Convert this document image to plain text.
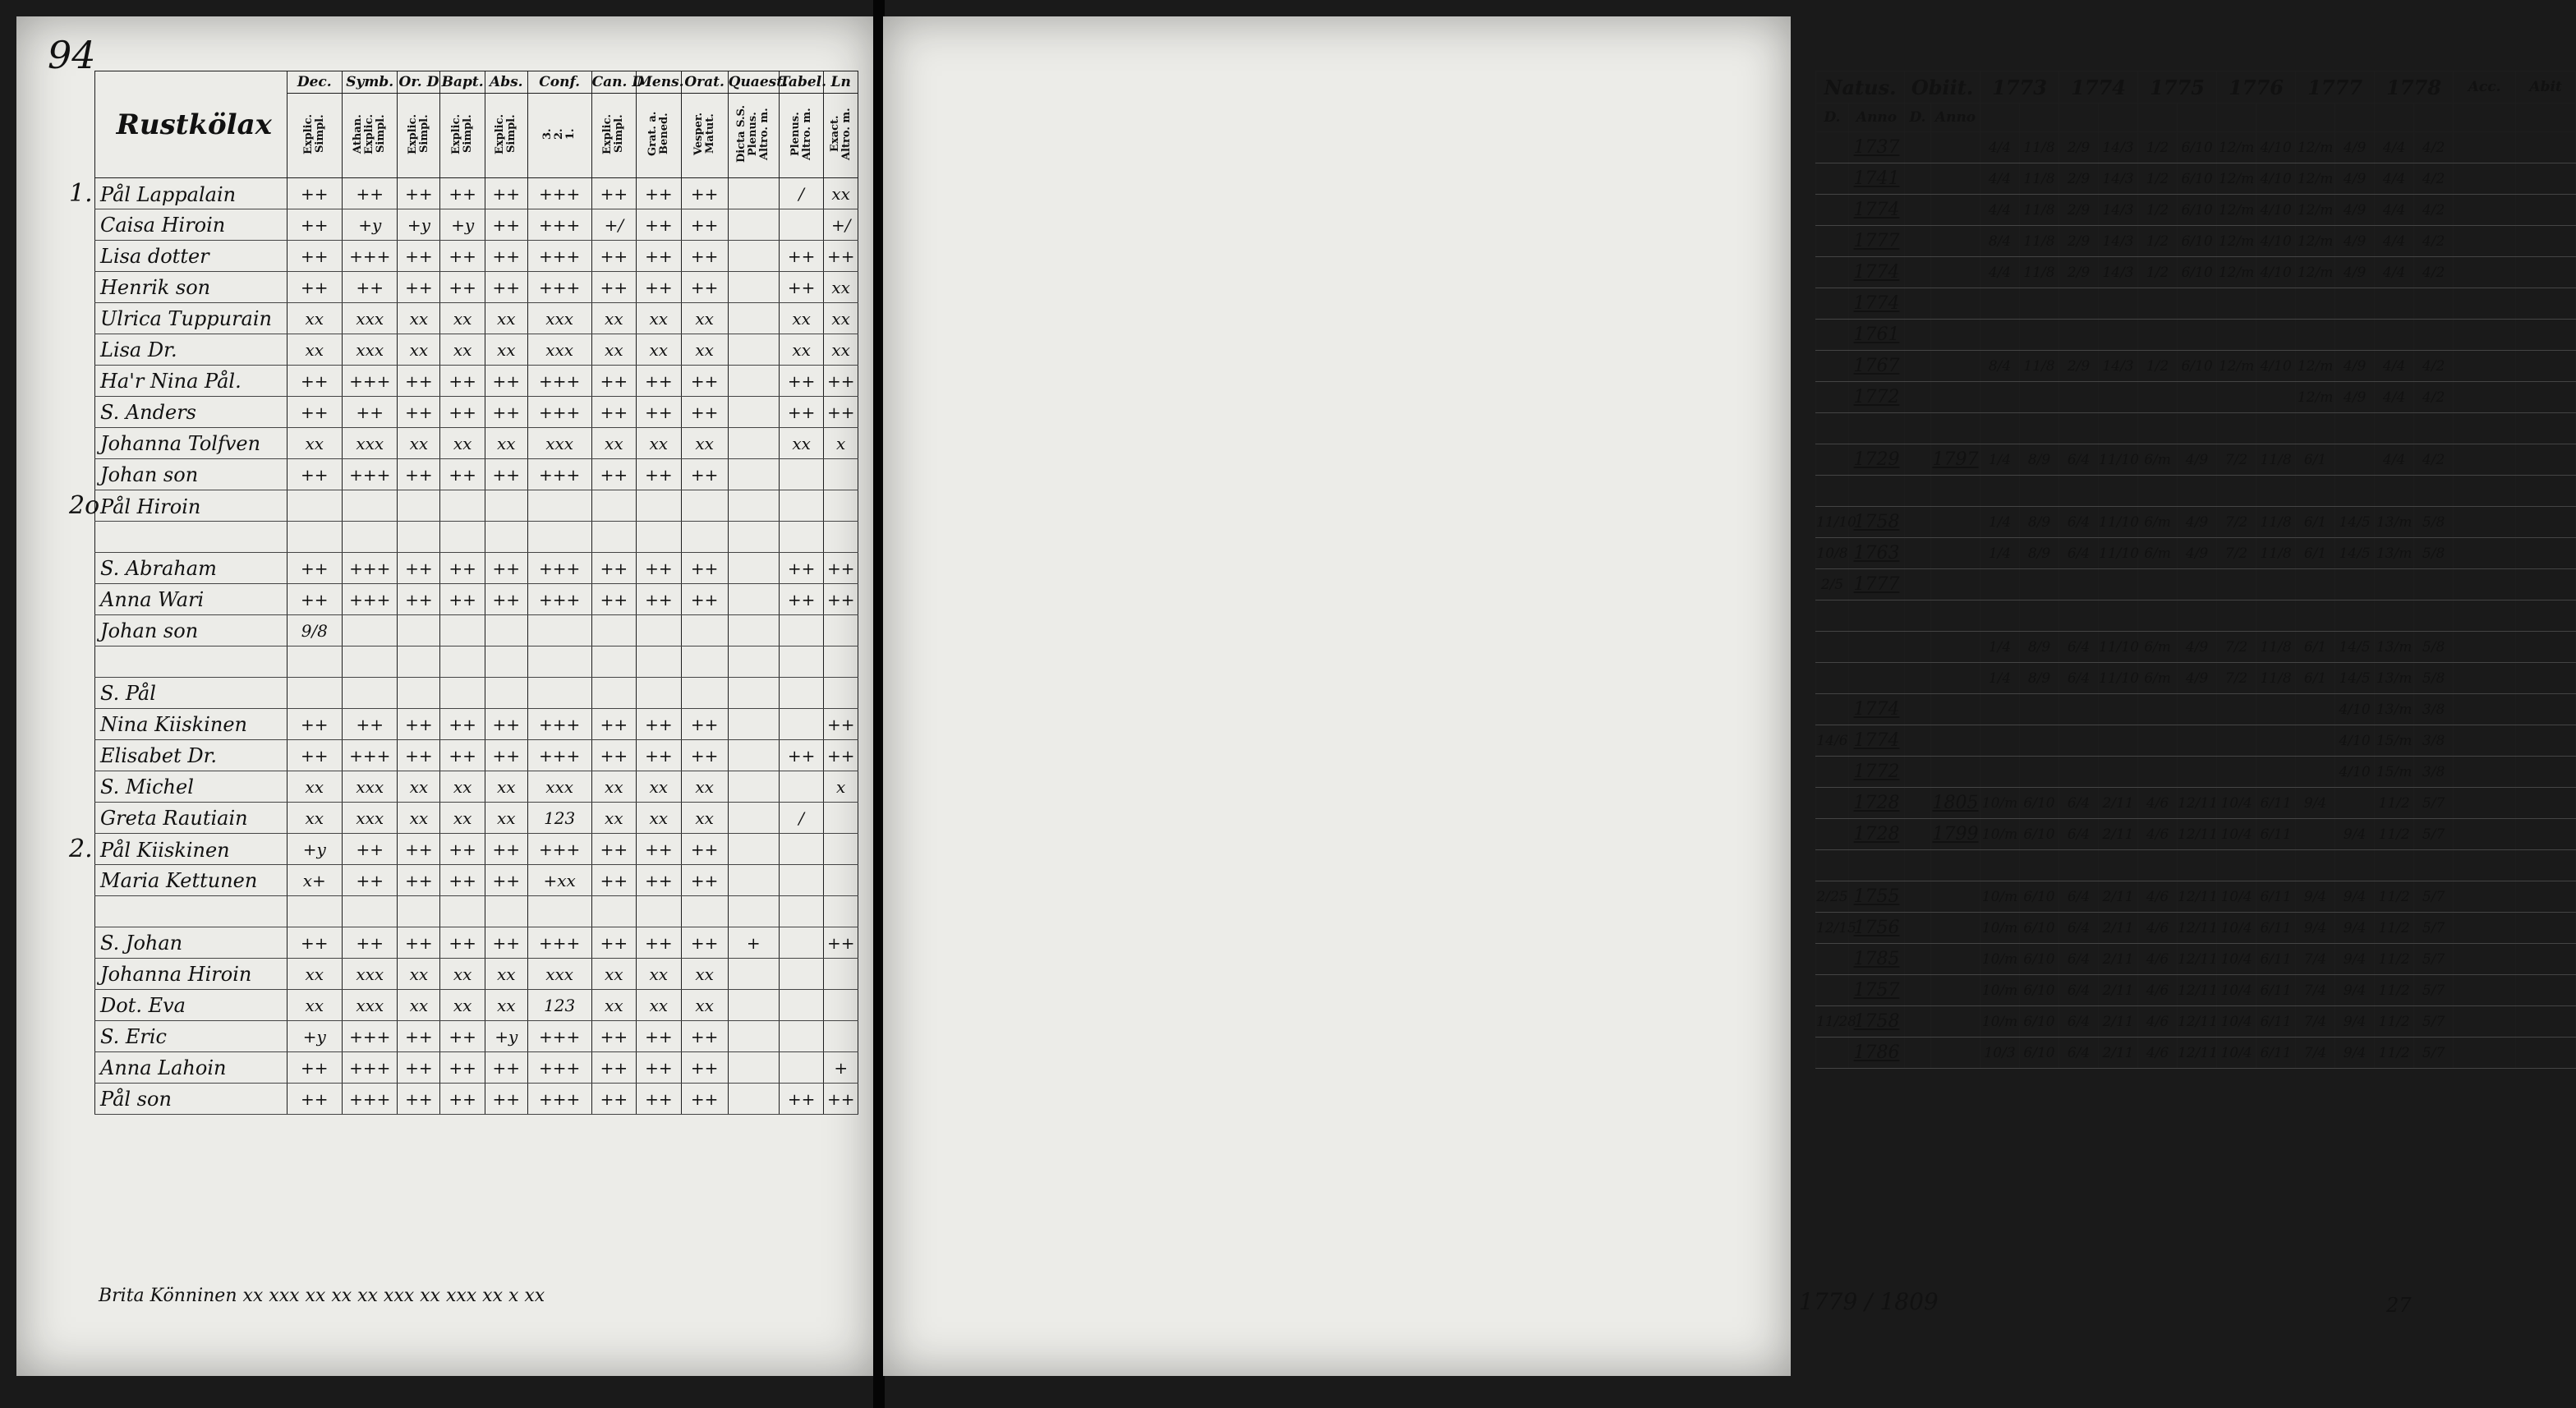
94
Rustkölax	Dec.	Symb.	Or. D	Bapt.	Abs.	Conf.	Can. D	Mens.	Orat.	Quaest.	Tabel.	Ln
	Explic.Simpl.	Athan.Explic.Simpl.	Explic.Simpl.	Explic.Simpl.	Explic.Simpl.	3.2.1.	Explic.Simpl.	Grat. a.Bened.	Vesper.Matut.	Dicta S.S.Plenus.Altro. m.	Plenus.Altro. m.	Exact.Altro. m.
1. Pål Lappalain	++	++	++	++	++	+++	++	++	++		/	xx
Caisa Hiroin	++	+y	+y	+y	++	+++	+/	++	++			+/
Lisa dotter	++	+++	++	++	++	+++	++	++	++		++	++
Henrik son	++	++	++	++	++	+++	++	++	++		++	xx
Ulrica Tuppurain	xx	xxx	xx	xx	xx	xxx	xx	xx	xx		xx	xx
Lisa Dr.	xx	xxx	xx	xx	xx	xxx	xx	xx	xx		xx	xx
Ha'r Nina Pål.	++	+++	++	++	++	+++	++	++	++		++	++
S. Anders	++	++	++	++	++	+++	++	++	++		++	++
Johanna Tolfven	xx	xxx	xx	xx	xx	xxx	xx	xx	xx		xx	x
Johan son	++	+++	++	++	++	+++	++	++	++			
2oPål Hiroin												

S. Abraham	++	+++	++	++	++	+++	++	++	++		++	++
Anna Wari	++	+++	++	++	++	+++	++	++	++		++	++
Johan son	9/8											

S. Pål												
Nina Kiiskinen	++	++	++	++	++	+++	++	++	++			++
Elisabet Dr.	++	+++	++	++	++	+++	++	++	++		++	++
S. Michel	xx	xxx	xx	xx	xx	xxx	xx	xx	xx			x
Greta Rautiain	xx	xxx	xx	xx	xx	123	xx	xx	xx		/	
2. Pål Kiiskinen	+y	++	++	++	++	+++	++	++	++			
Maria Kettunen	x+	++	++	++	++	+xx	++	++	++			

S. Johan	++	++	++	++	++	+++	++	++	++	+		++
Johanna Hiroin	xx	xxx	xx	xx	xx	xxx	xx	xx	xx			
Dot. Eva	xx	xxx	xx	xx	xx	123	xx	xx	xx			
S. Eric	+y	+++	++	++	+y	+++	++	++	++			
Anna Lahoin	++	+++	++	++	++	+++	++	++	++			+
Pål son	++	+++	++	++	++	+++	++	++	++		++	++
Brita Könninen xx xxx xx xx xx xxx xx xxx xx x xx
Natus.		Obiit.		1773		1774		1775		1776		1777		1778		Acc.	Abit
D.	Anno	D.	Anno														
	1737			4/4	11/8	2/9	14/3	1/2	6/10	12/m	4/10	12/m	4/9	4/4	4/2		
	1741			4/4	11/8	2/9	14/3	1/2	6/10	12/m	4/10	12/m	4/9	4/4	4/2		
	1774			4/4	11/8	2/9	14/3	1/2	6/10	12/m	4/10	12/m	4/9	4/4	4/2		
	1777			8/4	11/8	2/9	14/3	1/2	6/10	12/m	4/10	12/m	4/9	4/4	4/2		
	1774			4/4	11/8	2/9	14/3	1/2	6/10	12/m	4/10	12/m	4/9	4/4	4/2		
	1774																
	1761																
	1767			8/4	11/8	2/9	14/3	1/2	6/10	12/m	4/10	12/m	4/9	4/4	4/2		
	1772											12/m	4/9	4/4	4/2		

	1729		1797	1/4	8/9	6/4	11/10	6/m	4/9	7/2	11/8	6/1		4/4	4/2		

11/10	1758			1/4	8/9	6/4	11/10	6/m	4/9	7/2	11/8	6/1	14/5	13/m	5/8		
10/8	1763			1/4	8/9	6/4	11/10	6/m	4/9	7/2	11/8	6/1	14/5	13/m	5/8		
2/5	1777																

				1/4	8/9	6/4	11/10	6/m	4/9	7/2	11/8	6/1	14/5	13/m	5/8		
				1/4	8/9	6/4	11/10	6/m	4/9	7/2	11/8	6/1	14/5	13/m	5/8		
	1774												4/10	13/m	3/8		
14/6	1774												4/10	15/m	3/8		
	1772												4/10	15/m	3/8		
	1728		1805	10/m	6/10	6/4	2/11	4/6	12/11	10/4	6/11	9/4		11/2	5/7		
	1728		1799	10/m	6/10	6/4	2/11	4/6	12/11	10/4	6/11		9/4	11/2	5/7		

2/25	1755			10/m	6/10	6/4	2/11	4/6	12/11	10/4	6/11	9/4	9/4	11/2	5/7		
12/15	1756			10/m	6/10	6/4	2/11	4/6	12/11	10/4	6/11	9/4	9/4	11/2	5/7		
	1785			10/m	6/10	6/4	2/11	4/6	12/11	10/4	6/11	7/4	9/4	11/2	5/7		
	1757			10/m	6/10	6/4	2/11	4/6	12/11	10/4	6/11	7/4	9/4	11/2	5/7		
11/28	1758			10/m	6/10	6/4	2/11	4/6	12/11	10/4	6/11	7/4	9/4	11/2	5/7		
	1786			10/3	6/10	6/4	2/11	4/6	12/11	10/4	6/11	7/4	9/4	11/2	5/7		
1779 / 1809	27
